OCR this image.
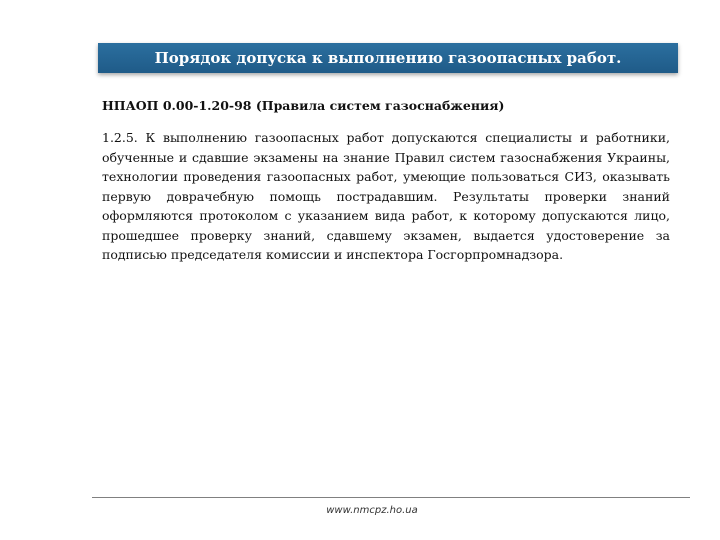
Порядок допуска к выполнению газоопасных работ.

НПАОП 0.00-1.20-98 (Правила систем газоснабжения)

1.2.5. К выполнению газоопасных работ допускаются специалисты и работники, обученные и сдавшие экзамены на знание Правил систем газоснабжения Украины, технологии проведения газоопасных работ, умеющие пользоваться СИЗ, оказывать первую доврачебную помощь пострадавшим. Результаты проверки знаний оформляются протоколом с указанием вида работ, к которому допускаются лицо, прошедшее проверку знаний, сдавшему экзамен, выдается удостоверение за подписью председателя комиссии и инспектора Госгорпромнадзора.

www.nmcpz.ho.ua
